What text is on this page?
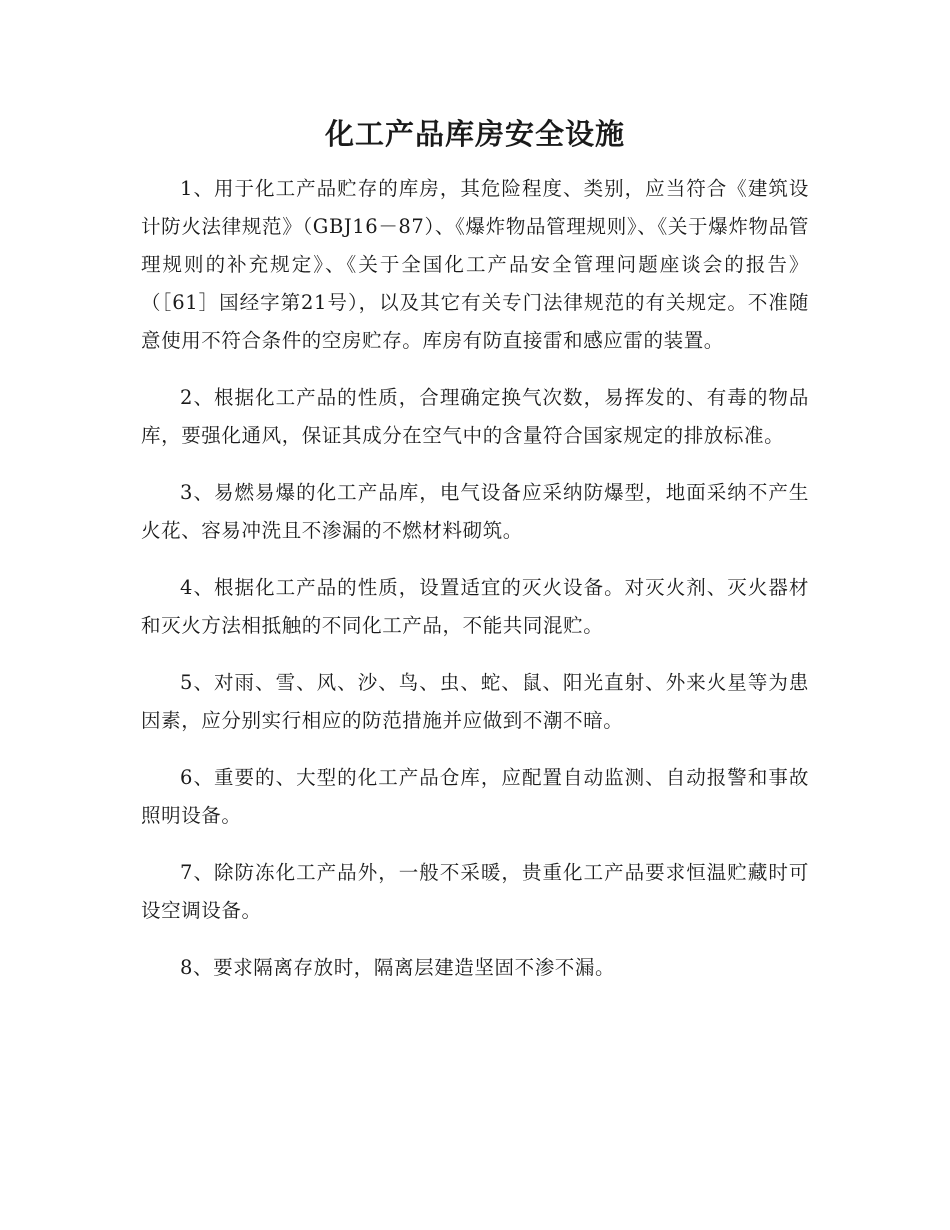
化工产品库房安全设施

1、用于化工产品贮存的库房，其危险程度、类别，应当符合《建筑设计防火法律规范》（GBJ16－87）、《爆炸物品管理规则》、《关于爆炸物品管理规则的补充规定》、《关于全国化工产品安全管理问题座谈会的报告》（［61］国经字第21号），以及其它有关专门法律规范的有关规定。不准随意使用不符合条件的空房贮存。库房有防直接雷和感应雷的装置。

2、根据化工产品的性质，合理确定换气次数，易挥发的、有毒的物品库，要强化通风，保证其成分在空气中的含量符合国家规定的排放标准。

3、易燃易爆的化工产品库，电气设备应采纳防爆型，地面采纳不产生火花、容易冲洗且不渗漏的不燃材料砌筑。

4、根据化工产品的性质，设置适宜的灭火设备。对灭火剂、灭火器材和灭火方法相抵触的不同化工产品，不能共同混贮。

5、对雨、雪、风、沙、鸟、虫、蛇、鼠、阳光直射、外来火星等为患因素，应分别实行相应的防范措施并应做到不潮不暗。

6、重要的、大型的化工产品仓库，应配置自动监测、自动报警和事故照明设备。

7、除防冻化工产品外，一般不采暖，贵重化工产品要求恒温贮藏时可设空调设备。

8、要求隔离存放时，隔离层建造坚固不渗不漏。
